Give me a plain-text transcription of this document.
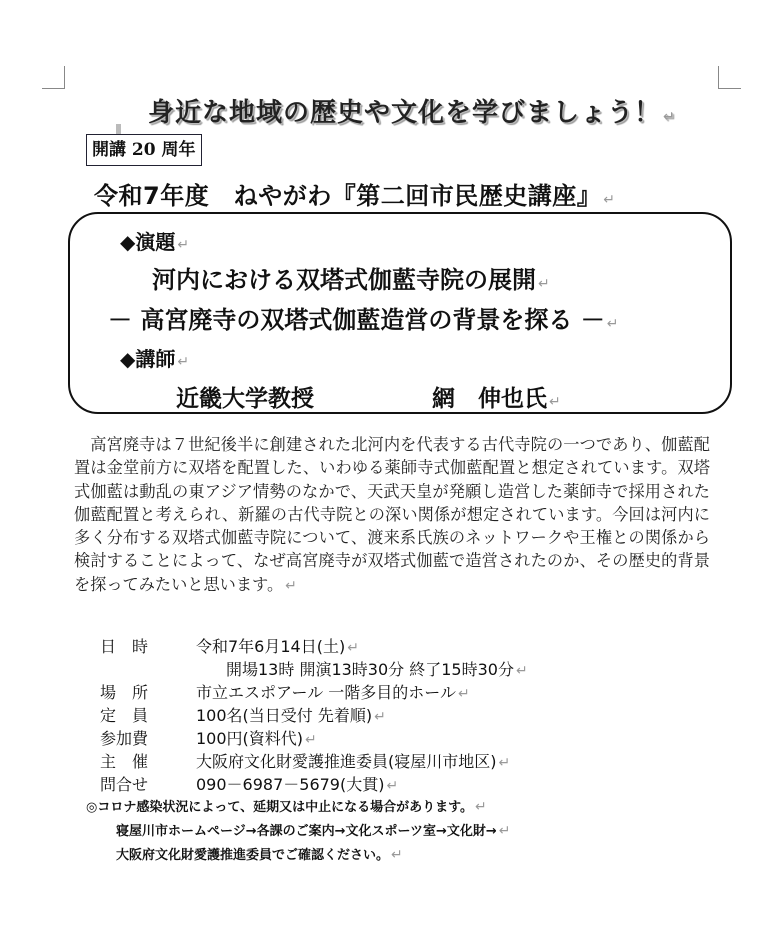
身近な地域の歴史や文化を学びましょう！ ↵
開講 20 周年
令和7年度　ねやがわ『第二回市民歴史講座』 ↵
◆演題 ↵
河内における双塔式伽藍寺院の展開 ↵
－ 高宮廃寺の双塔式伽藍造営の背景を探る － ↵
◆講師 ↵
近畿大学教授	網　伸也氏 ↵
高宮廃寺は７世紀後半に創建された北河内を代表する古代寺院の一つであり、伽藍配置は金堂前方に双塔を配置した、いわゆる薬師寺式伽藍配置と想定されています。双塔式伽藍は動乱の東アジア情勢のなかで、天武天皇が発願し造営した薬師寺で採用された伽藍配置と考えられ、新羅の古代寺院との深い関係が想定されています。今回は河内に多く分布する双塔式伽藍寺院について、渡来系氏族のネットワークや王権との関係から検討することによって、なぜ高宮廃寺が双塔式伽藍で造営されたのか、その歴史的背景を探ってみたいと思います。 ↵
日　時	令和7年6月14日(土) ↵
開場13時 開演13時30分 終了15時30分 ↵
場　所	市立エスポアール 一階多目的ホール ↵
定　員	100名(当日受付 先着順) ↵
参加費	100円(資料代) ↵
主　催	大阪府文化財愛護推進委員(寝屋川市地区) ↵
問合せ	090－6987－5679(大貫) ↵
◎コロナ感染状況によって、延期又は中止になる場合があります。 ↵
寝屋川市ホームページ→各課のご案内→文化スポーツ室→文化財→ ↵
大阪府文化財愛護推進委員でご確認ください。 ↵
